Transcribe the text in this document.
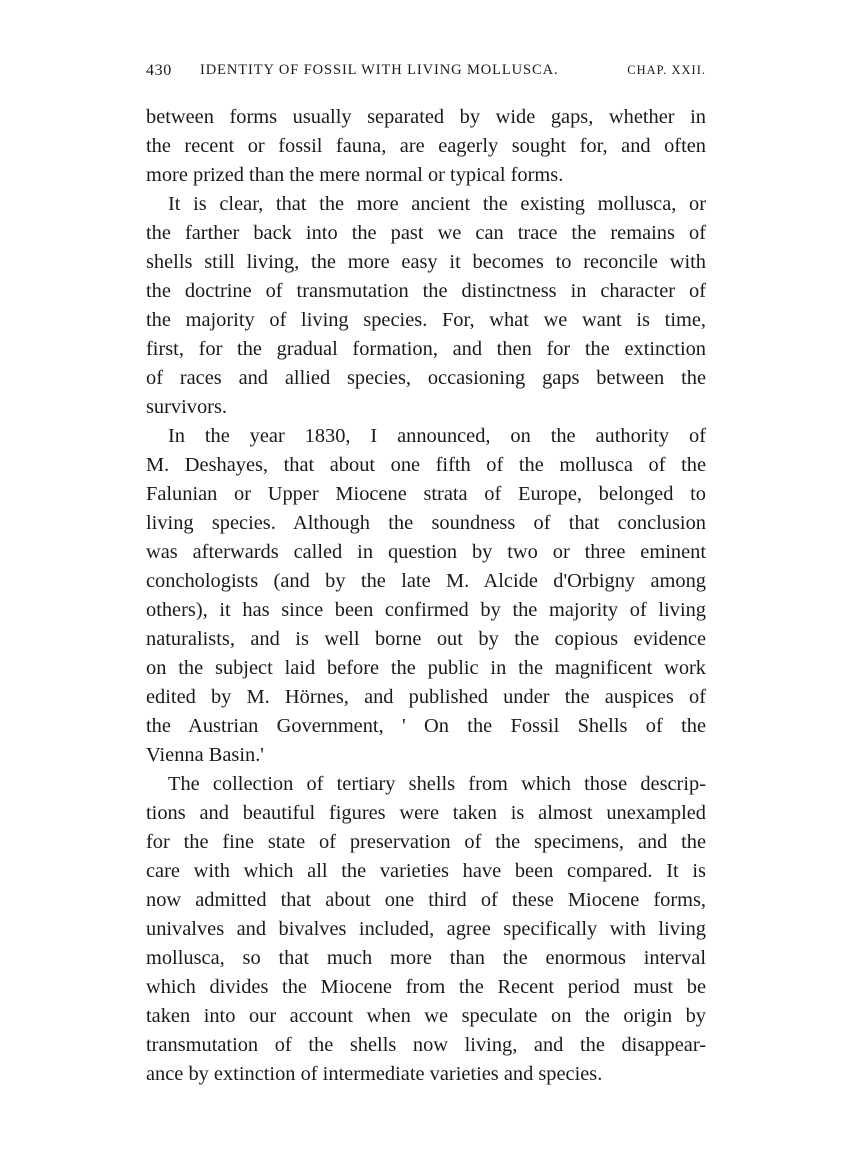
430 IDENTITY OF FOSSIL WITH LIVING MOLLUSCA.	CHAP. XXII.
between forms usually separated by wide gaps, whether in
the recent or fossil fauna, are eagerly sought for, and often
more prized than the mere normal or typical forms.
It is clear, that the more ancient the existing mollusca, or
the farther back into the past we can trace the remains of
shells still living, the more easy it becomes to reconcile with
the doctrine of transmutation the distinctness in character of
the majority of living species. For, what we want is time,
first, for the gradual formation, and then for the extinction
of races and allied species, occasioning gaps between the
survivors.
In the year 1830, I announced, on the authority of
M. Deshayes, that about one fifth of the mollusca of the
Falunian or Upper Miocene strata of Europe, belonged to
living species. Although the soundness of that conclusion
was afterwards called in question by two or three eminent
conchologists (and by the late M. Alcide d'Orbigny among
others), it has since been confirmed by the majority of living
naturalists, and is well borne out by the copious evidence
on the subject laid before the public in the magnificent work
edited by M. Hörnes, and published under the auspices of
the Austrian Government, ' On the Fossil Shells of the
Vienna Basin.'
The collection of tertiary shells from which those descrip-
tions and beautiful figures were taken is almost unexampled
for the fine state of preservation of the specimens, and the
care with which all the varieties have been compared. It is
now admitted that about one third of these Miocene forms,
univalves and bivalves included, agree specifically with living
mollusca, so that much more than the enormous interval
which divides the Miocene from the Recent period must be
taken into our account when we speculate on the origin by
transmutation of the shells now living, and the disappear-
ance by extinction of intermediate varieties and species.
